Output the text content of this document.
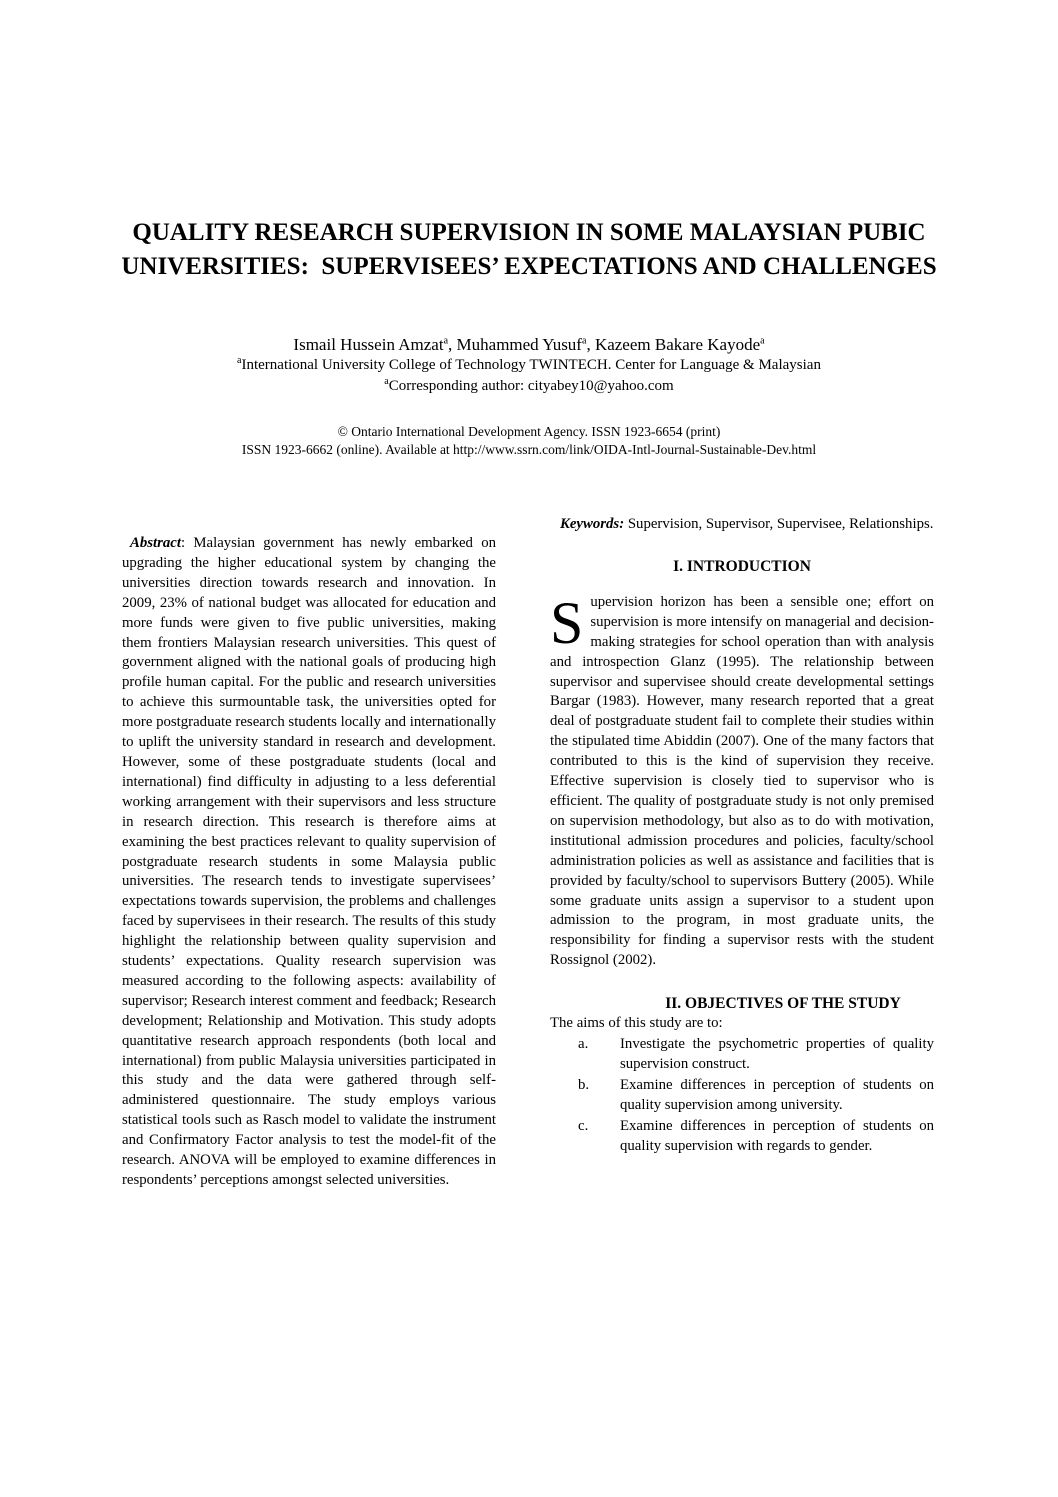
QUALITY RESEARCH SUPERVISION IN SOME MALAYSIAN PUBIC
UNIVERSITIES:  SUPERVISEES’ EXPECTATIONS AND CHALLENGES
Ismail Hussein Amzat$^a$, Muhammed Yusuf$^a$, Kazeem Bakare Kayode$^a$
$^a$International University College of Technology TWINTECH. Center for Language & Malaysian
$^a$Corresponding author: cityabey10@yahoo.com
© Ontario International Development Agency. ISSN 1923-6654 (print)
ISSN 1923-6662 (online). Available at http://www.ssrn.com/link/OIDA-Intl-Journal-Sustainable-Dev.html

Abstract: Malaysian government has newly embarked on upgrading the higher educational system by changing the universities direction towards research and innovation. In 2009, 23% of national budget was allocated for education and more funds were given to five public universities, making them frontiers Malaysian research universities. This quest of government aligned with the national goals of producing high profile human capital. For the public and research universities to achieve this surmountable task, the universities opted for more postgraduate research students locally and internationally to uplift the university standard in research and development. However, some of these postgraduate students (local and international) find difficulty in adjusting to a less deferential working arrangement with their supervisors and less structure in research direction. This research is therefore aims at examining the best practices relevant to quality supervision of postgraduate research students in some Malaysia public universities. The research tends to investigate supervisees’ expectations towards supervision, the problems and challenges faced by supervisees in their research. The results of this study highlight the relationship between quality supervision and students’ expectations. Quality research supervision was measured according to the following aspects: availability of supervisor; Research interest comment and feedback; Research development; Relationship and Motivation. This study adopts quantitative research approach respondents (both local and international) from public Malaysia universities participated in this study and the data were gathered through self-administered questionnaire. The study employs various statistical tools such as Rasch model to validate the instrument and Confirmatory Factor analysis to test the model-fit of the research. ANOVA will be employed to examine differences in respondents’ perceptions amongst selected universities.

Keywords: Supervision, Supervisor, Supervisee, Relationships.

I. INTRODUCTION

Supervision horizon has been a sensible one; effort on supervision is more intensify on managerial and decision-making strategies for school operation than with analysis and introspection Glanz (1995). The relationship between supervisor and supervisee should create developmental settings Bargar (1983). However, many research reported that a great deal of postgraduate student fail to complete their studies within the stipulated time Abiddin (2007). One of the many factors that contributed to this is the kind of supervision they receive. Effective supervision is closely tied to supervisor who is efficient. The quality of postgraduate study is not only premised on supervision methodology, but also as to do with motivation, institutional admission procedures and policies, faculty/school administration policies as well as assistance and facilities that is provided by faculty/school to supervisors Buttery (2005). While some graduate units assign a supervisor to a student upon admission to the program, in most graduate units, the responsibility for finding a supervisor rests with the student Rossignol (2002).

II. OBJECTIVES OF THE STUDY

The aims of this study are to:

a.	Investigate the psychometric properties of quality supervision construct.
b.	Examine differences in perception of students on quality supervision among university.
c.	Examine differences in perception of students on quality supervision with regards to gender.
